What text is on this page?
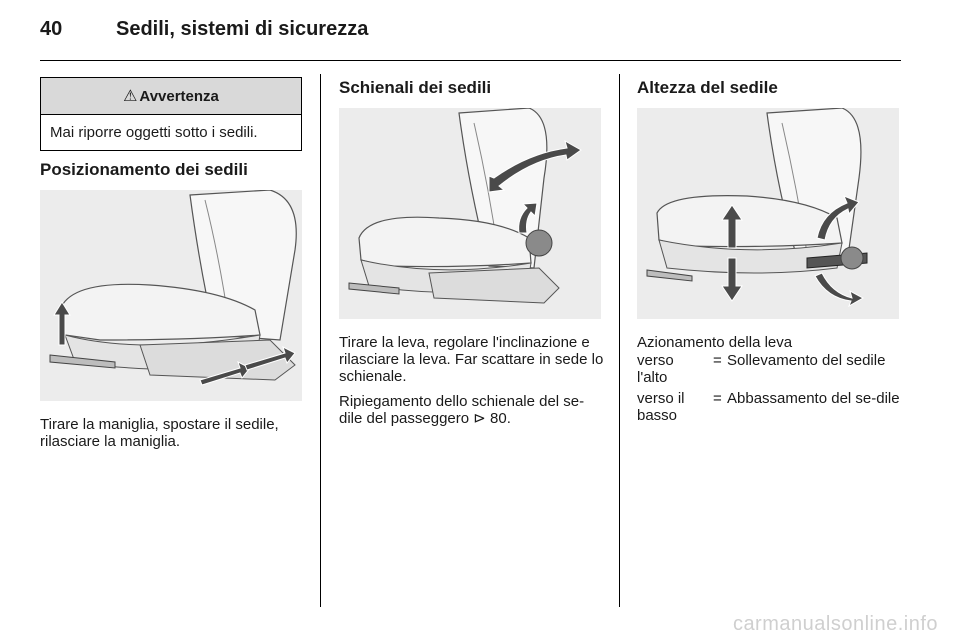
40	Sedili, sistemi di sicurezza
⚠ Avvertenza
Mai riporre oggetti sotto i sedili.
Posizionamento dei sedili

Tirare la maniglia, spostare il sedile, rilasciare la maniglia.

Schienali dei sedili

Tirare la leva, regolare l'inclinazione e rilasciare la leva. Far scattare in sede lo schienale.

Ripiegamento dello schienale del se-dile del passeggero ⊳ 80.

Altezza del sedile

Azionamento della leva

verso l'alto
= Sollevamento del sedile
verso il basso
= Abbassamento del se-dile
carmanualsonline.info
